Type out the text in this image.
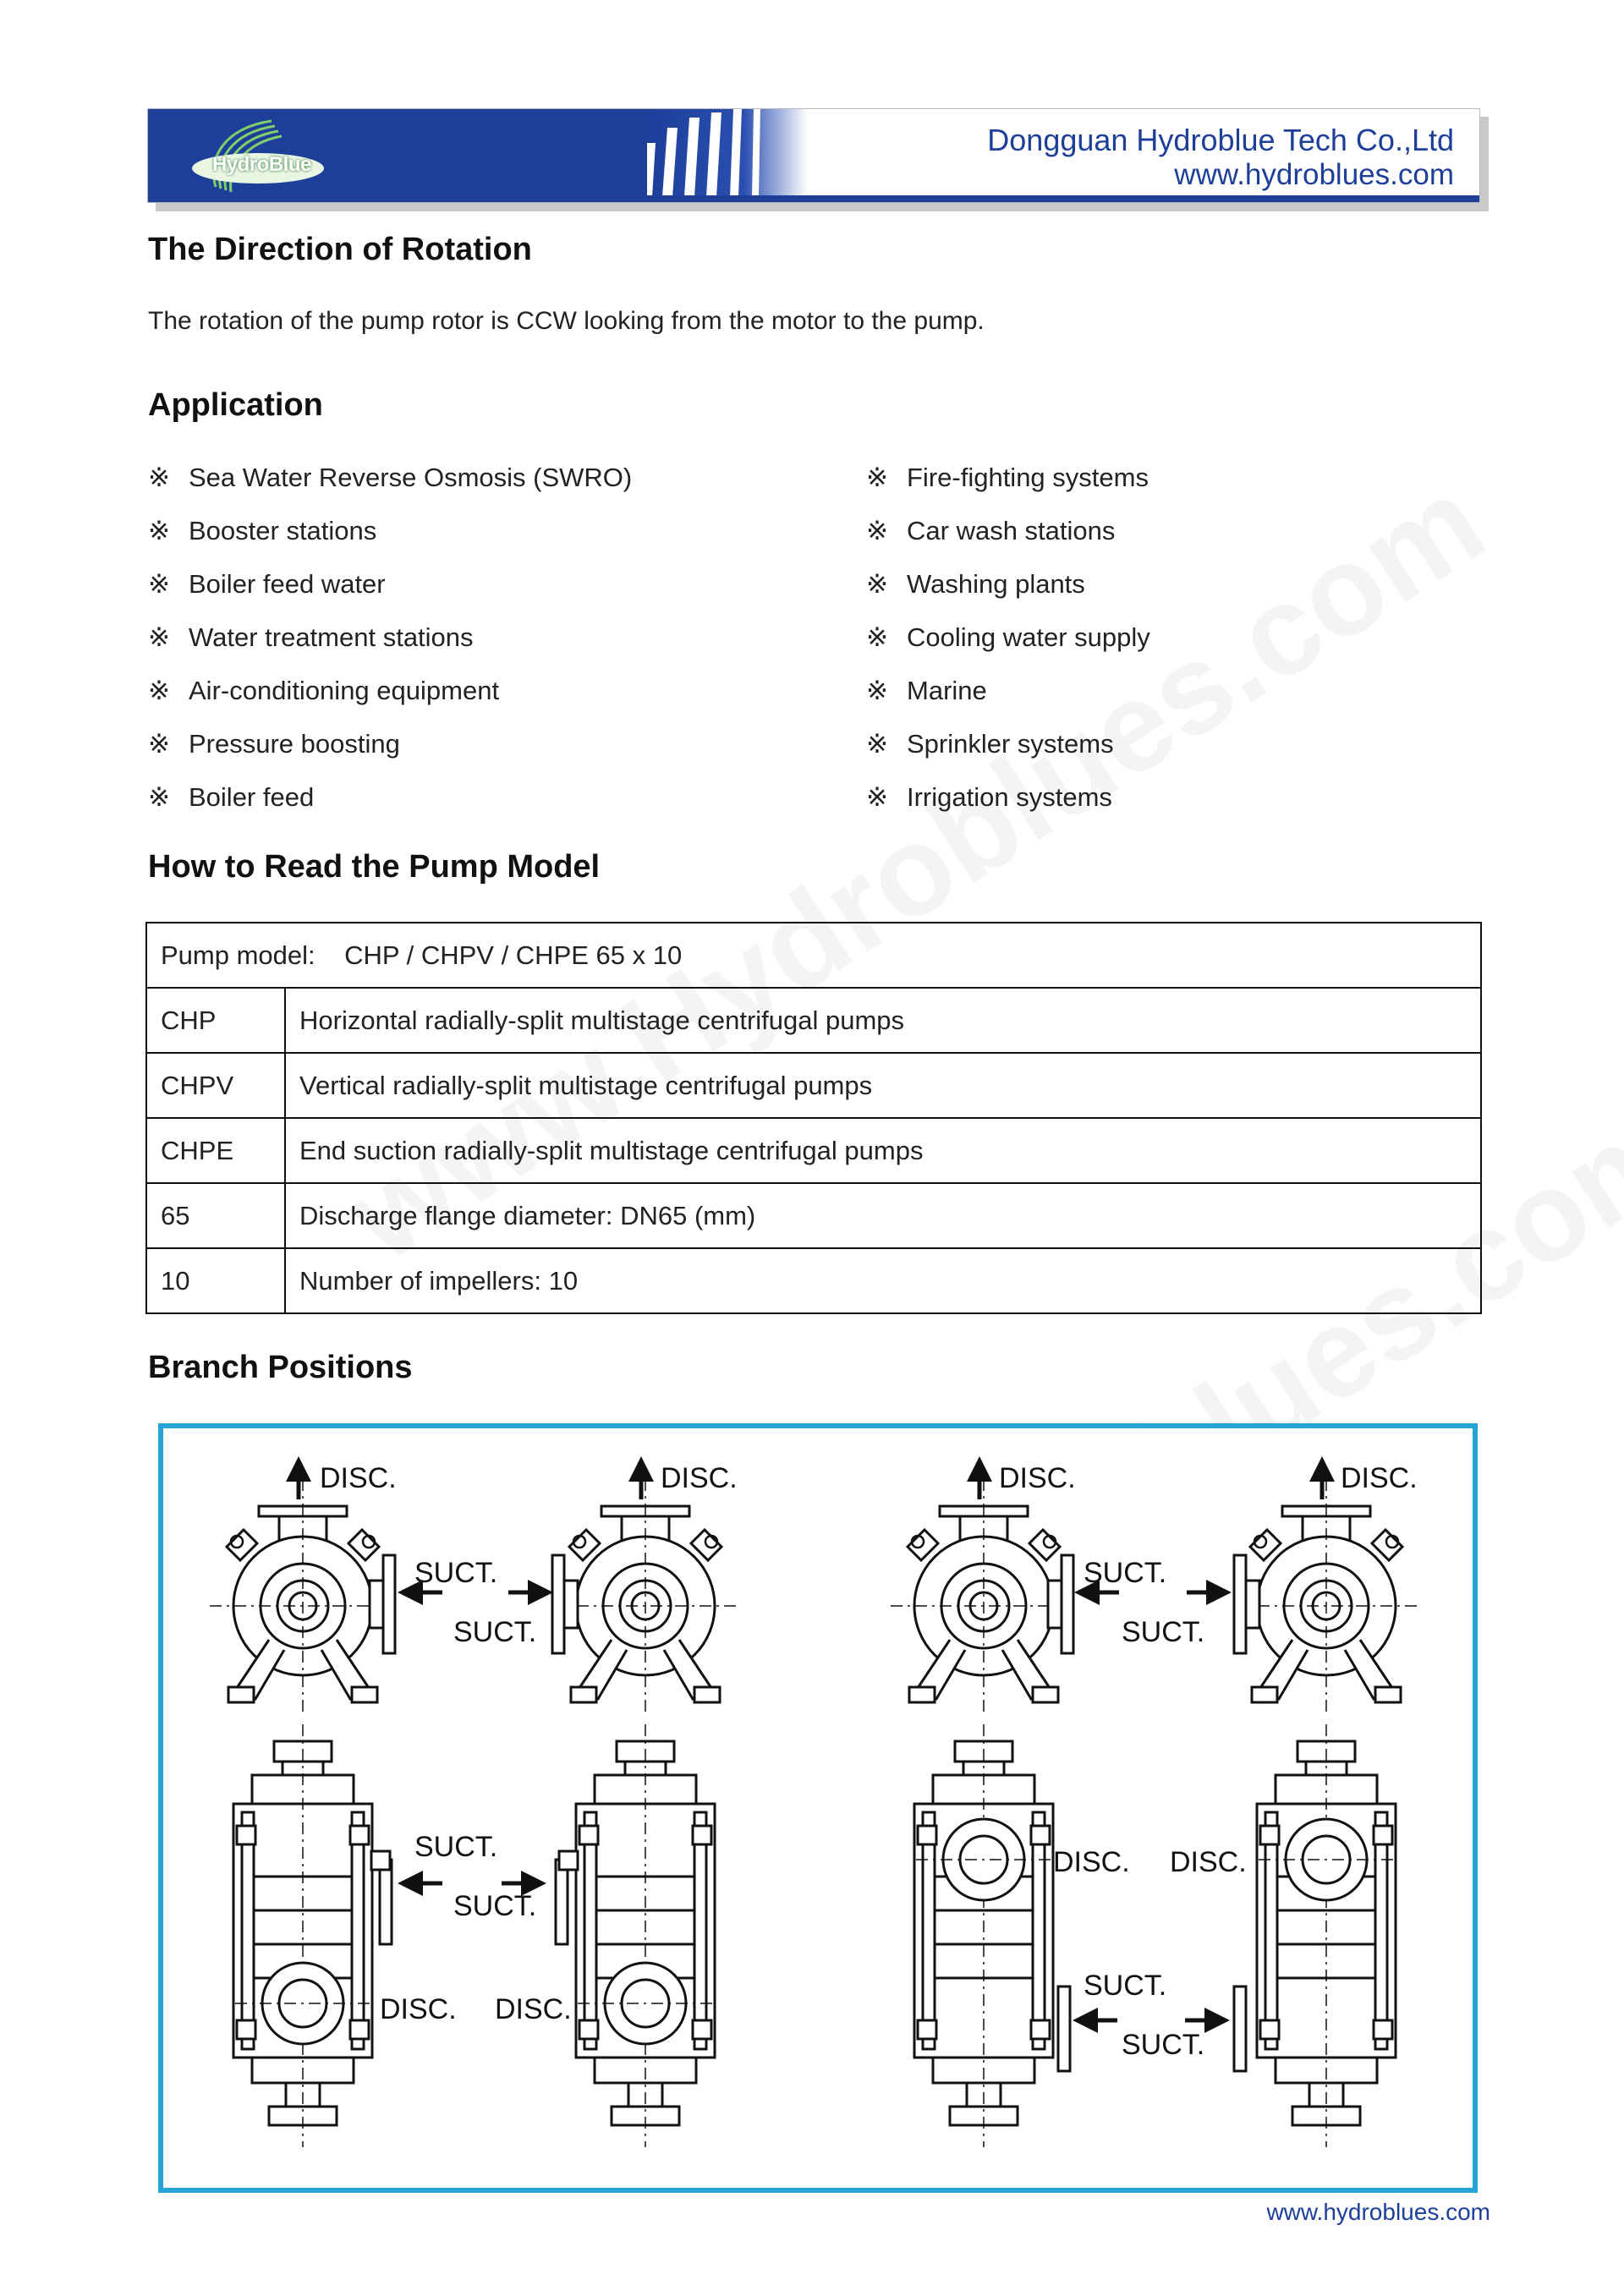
HydroBlue
Dongguan Hydroblue Tech Co.,Ltd
www.hydroblues.com
The Direction of Rotation
The rotation of the pump rotor is CCW looking from the motor to the pump.
Application
※ Sea Water Reverse Osmosis (SWRO)
※ Booster stations
※ Boiler feed water
※ Water treatment stations
※ Air-conditioning equipment
※ Pressure boosting
※ Boiler feed
※ Fire-fighting systems
※ Car wash stations
※ Washing plants
※ Cooling water supply
※ Marine
※ Sprinkler systems
※ Irrigation systems
How to Read the Pump Model
Pump model: CHP / CHPV / CHPE 65 x 10	
CHP	Horizontal radially-split multistage centrifugal pumps
CHPV	Vertical radially-split multistage centrifugal pumps
CHPE	End suction radially-split multistage centrifugal pumps
65	Discharge flange diameter: DN65 (mm)
10	Number of impellers: 10
Branch Positions
DISC.	DISC.	DISC.	DISC.
SUCT.
SUCT.
SUCT.
SUCT.
SUCT.
SUCT.
DISC. DISC.
DISC. DISC.
SUCT.
SUCT.
www.hydroblues.com
